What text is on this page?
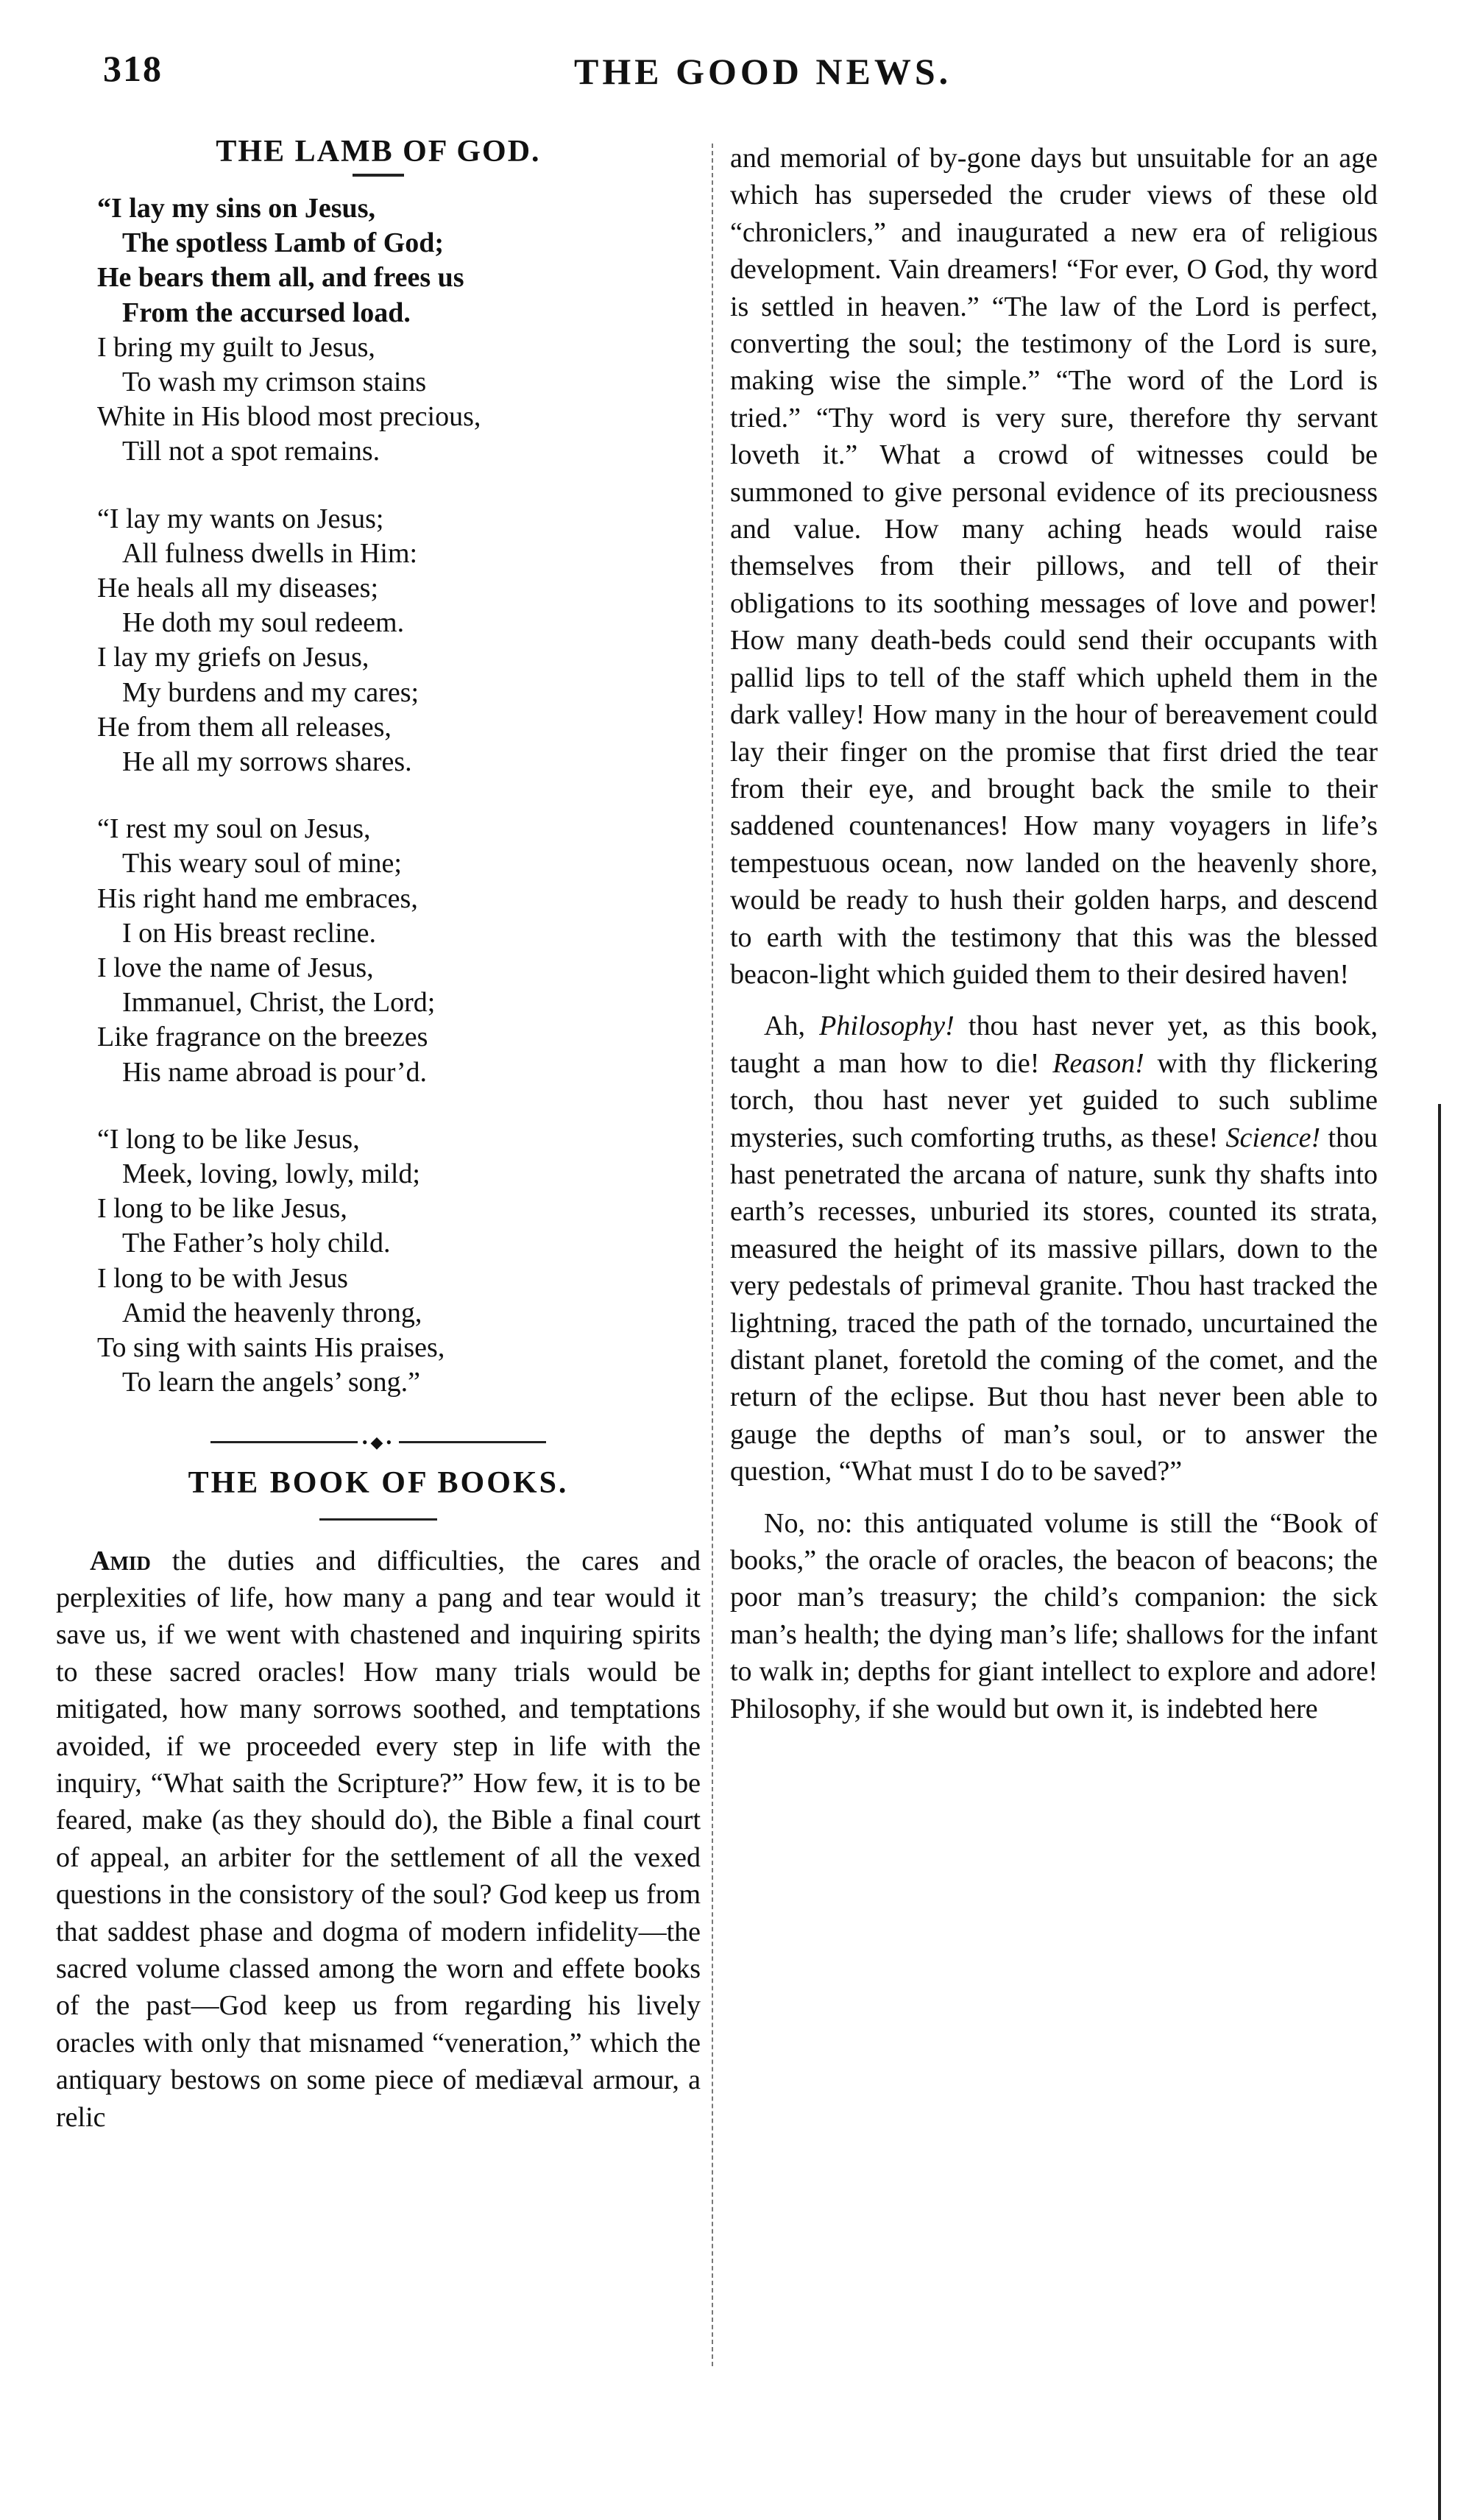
318	THE GOOD NEWS.
THE LAMB OF GOD.
“I lay my sins on Jesus,
The spotless Lamb of God;
He bears them all, and frees us
From the accursed load.
I bring my guilt to Jesus,
To wash my crimson stains
White in His blood most precious,
Till not a spot remains.
“I lay my wants on Jesus;
All fulness dwells in Him:
He heals all my diseases;
He doth my soul redeem.
I lay my griefs on Jesus,
My burdens and my cares;
He from them all releases,
He all my sorrows shares.
“I rest my soul on Jesus,
This weary soul of mine;
His right hand me embraces,
I on His breast recline.
I love the name of Jesus,
Immanuel, Christ, the Lord;
Like fragrance on the breezes
His name abroad is pour’d.
“I long to be like Jesus,
Meek, loving, lowly, mild;
I long to be like Jesus,
The Father’s holy child.
I long to be with Jesus
Amid the heavenly throng,
To sing with saints His praises,
To learn the angels’ song.”
•◆•
THE BOOK OF BOOKS.

Amid the duties and difficulties, the cares and perplexities of life, how many a pang and tear would it save us, if we went with chastened and inquiring spirits to these sacred oracles! How many trials would be mitigated, how many sorrows soothed, and temptations avoided, if we proceeded every step in life with the inquiry, “What saith the Scripture?” How few, it is to be feared, make (as they should do), the Bible a final court of appeal, an arbiter for the settlement of all the vexed questions in the consistory of the soul? God keep us from that saddest phase and dogma of modern infidelity—the sacred volume classed among the worn and effete books of the past—God keep us from regarding his lively oracles with only that misnamed “veneration,” which the antiquary bestows on some piece of mediæval armour, a relic

and memorial of by-gone days but unsuitable for an age which has superseded the cruder views of these old “chroniclers,” and inaugurated a new era of religious development. Vain dreamers! “For ever, O God, thy word is settled in heaven.” “The law of the Lord is perfect, converting the soul; the testimony of the Lord is sure, making wise the simple.” “The word of the Lord is tried.” “Thy word is very sure, therefore thy servant loveth it.” What a crowd of witnesses could be summoned to give personal evidence of its preciousness and value. How many aching heads would raise themselves from their pillows, and tell of their obligations to its soothing messages of love and power! How many death-beds could send their occupants with pallid lips to tell of the staff which upheld them in the dark valley! How many in the hour of bereavement could lay their finger on the promise that first dried the tear from their eye, and brought back the smile to their saddened countenances! How many voyagers in life’s tempestuous ocean, now landed on the heavenly shore, would be ready to hush their golden harps, and descend to earth with the testimony that this was the blessed beacon-light which guided them to their desired haven!

Ah, Philosophy! thou hast never yet, as this book, taught a man how to die! Reason! with thy flickering torch, thou hast never yet guided to such sublime mysteries, such comforting truths, as these! Science! thou hast penetrated the arcana of nature, sunk thy shafts into earth’s recesses, unburied its stores, counted its strata, measured the height of its massive pillars, down to the very pedestals of primeval granite. Thou hast tracked the lightning, traced the path of the tornado, uncurtained the distant planet, foretold the coming of the comet, and the return of the eclipse. But thou hast never been able to gauge the depths of man’s soul, or to answer the question, “What must I do to be saved?”

No, no: this antiquated volume is still the “Book of books,” the oracle of oracles, the beacon of beacons; the poor man’s treasury; the child’s companion: the sick man’s health; the dying man’s life; shallows for the infant to walk in; depths for giant intellect to explore and adore! Philosophy, if she would but own it, is indebted here
